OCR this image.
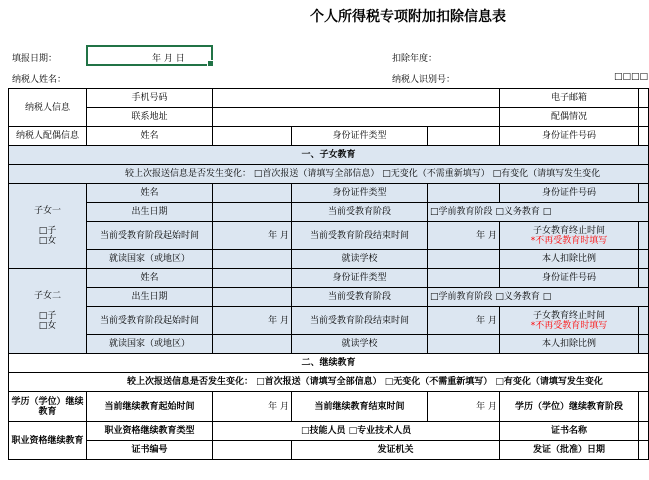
个人所得税专项附加扣除信息表
填报日期：	年 月 日	扣除年度：
纳税人姓名：	纳税人识别号：	□□□□
纳税人信息	手机号码				电子邮箱	
	联系地址				配偶情况	
纳税人配偶信息	姓名		身份证件类型		身份证件号码	
一、子女教育						
较上次报送信息是否发生变化： □首次报送（请填写全部信息） □无变化（不需重新填写） □有变化（请填写发生变化						

子女一
□子
□女	姓名		身份证件类型		身份证件号码	
	出生日期		当前受教育阶段	□学前教育阶段 □义务教育 □		
	当前受教育阶段起始时间	年 月	当前受教育阶段结束时间	年 月	子女教育终止时间
*不再受教育时填写	

	就读国家（或地区）		就读学校		本人扣除比例	

子女二
□子
□女	姓名		身份证件类型		身份证件号码	
	出生日期		当前受教育阶段	□学前教育阶段 □义务教育 □		
	当前受教育阶段起始时间	年 月	当前受教育阶段结束时间	年 月	子女教育终止时间
*不再受教育时填写	

	就读国家（或地区）		就读学校		本人扣除比例	
二、继续教育						
较上次报送信息是否发生变化： □首次报送（请填写全部信息） □无变化（不需重新填写） □有变化（请填写发生变化						
学历（学位）继续教育	当前继续教育起始时间	年 月	当前继续教育结束时间	年 月	学历（学位）继续教育阶段	
职业资格继续教育	职业资格继续教育类型	□技能人员 □专业技术人员			证书名称	
	证书编号		发证机关		发证（批准）日期	
